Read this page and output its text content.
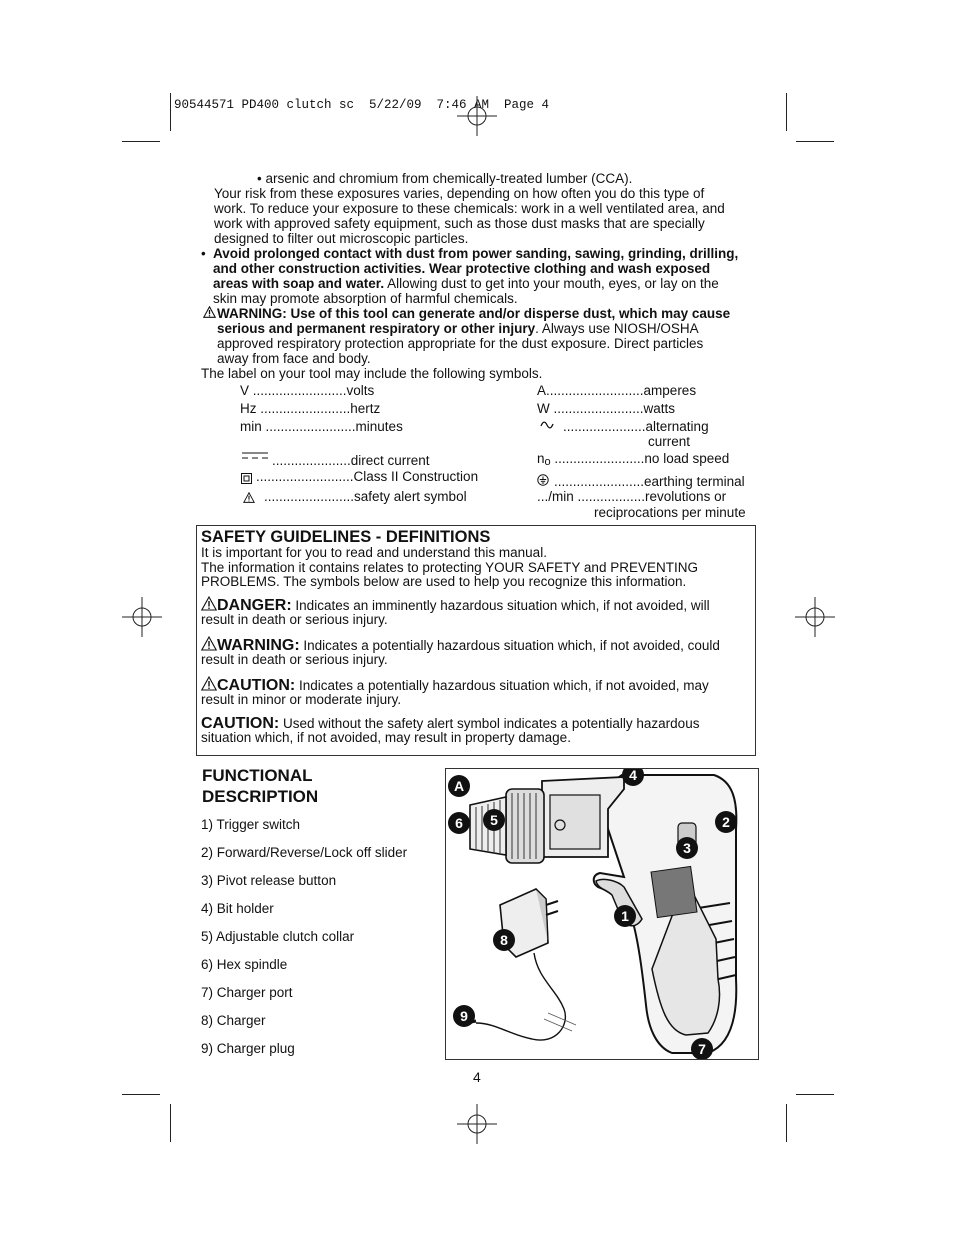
90544571 PD400 clutch sc  5/22/09  7:46 AM  Page 4
• arsenic and chromium from chemically-treated lumber (CCA).
Your risk from these exposures varies, depending on how often you do this type of
work. To reduce your exposure to these chemicals: work in a well ventilated area, and
work with approved safety equipment, such as those dust masks that are specially
designed to filter out microscopic particles.
• Avoid prolonged contact with dust from power sanding, sawing, grinding, drilling,
and other construction activities. Wear protective clothing and wash exposed
areas with soap and water. Allowing dust to get into your mouth, eyes, or lay on the
skin may promote absorption of harmful chemicals.
WARNING: Use of this tool can generate and/or disperse dust, which may cause
serious and permanent respiratory or other injury. Always use NIOSH/OSHA
approved respiratory protection appropriate for the dust exposure. Direct particles
away from face and body.
The label on your tool may include the following symbols.
V .........................volts
Hz ........................hertz
min ........................minutes
.....................direct current
..........................Class II Construction
........................safety alert symbol
A..........................amperes
W ........................watts
......................alternating
current
no ........................no load speed
........................earthing terminal
.../min ..................revolutions or
reciprocations per minute
SAFETY GUIDELINES - DEFINITIONS
It is important for you to read and understand this manual.
The information it contains relates to protecting YOUR SAFETY and PREVENTING
PROBLEMS. The symbols below are used to help you recognize this information.
DANGER: Indicates an imminently hazardous situation which, if not avoided, will
result in death or serious injury.
WARNING: Indicates a potentially hazardous situation which, if not avoided, could
result in death or serious injury.
CAUTION: Indicates a potentially hazardous situation which, if not avoided, may
result in minor or moderate injury.
CAUTION: Used without the safety alert symbol indicates a potentially hazardous
situation which, if not avoided, may result in property damage.
FUNCTIONAL
DESCRIPTION
1) Trigger switch
2) Forward/Reverse/Lock off slider
3) Pivot release button
4) Bit holder
5) Adjustable clutch collar
6) Hex spindle
7) Charger port
8) Charger
9) Charger plug
A
4
6	5	2
3
1
8
9
7
4
